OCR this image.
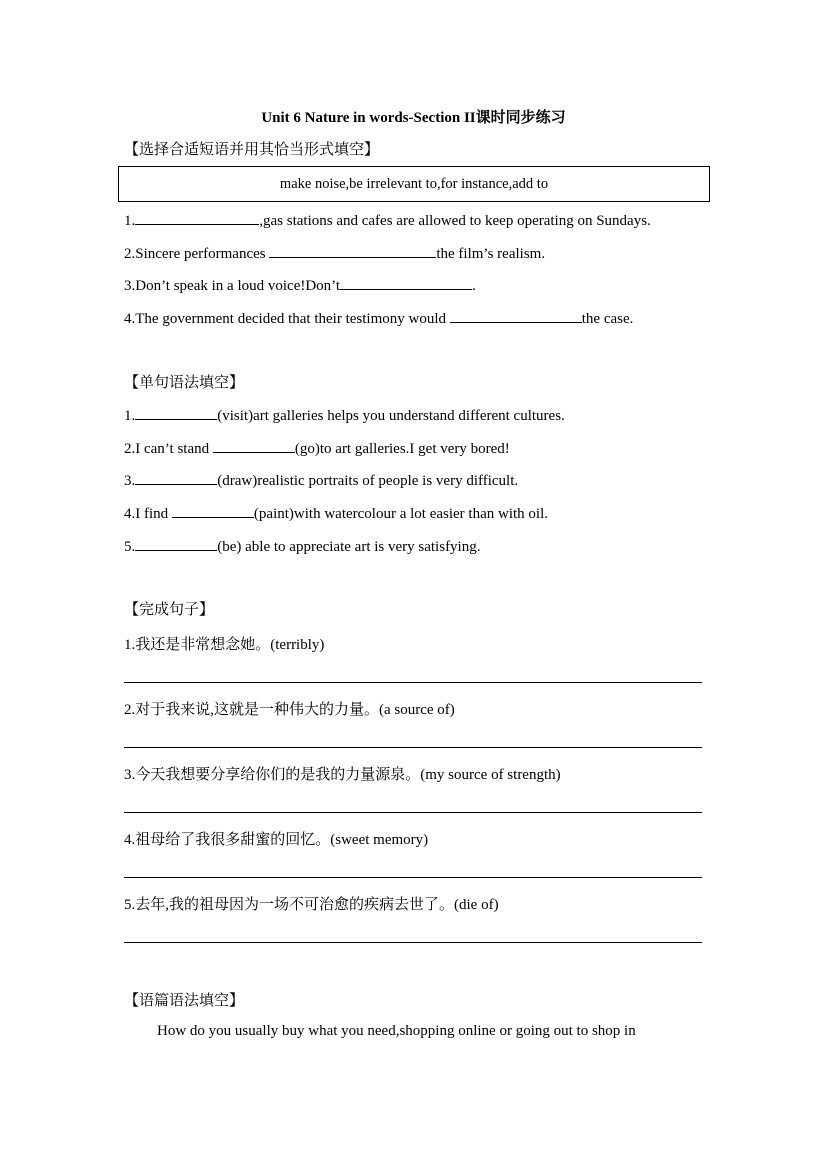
Unit 6 Nature in words-Section II课时同步练习
【选择合适短语并用其恰当形式填空】
make noise,be irrelevant to,for instance,add to
1.	,gas stations and cafes are allowed to keep operating on Sundays.
2.Sincere performances	the film’s realism.
3.Don’t speak in a loud voice!Don’t	.
4.The government decided that their testimony would	the case.
【单句语法填空】
1.	(visit)art galleries helps you understand different cultures.
2.I can’t stand	(go)to art galleries.I get very bored!
3.	(draw)realistic portraits of people is very difficult.
4.I find	(paint)with watercolour a lot easier than with oil.
5.	(be) able to appreciate art is very satisfying.
【完成句子】
1.我还是非常想念她。(terribly)
2.对于我来说,这就是一种伟大的力量。(a source of)
3.今天我想要分享给你们的是我的力量源泉。(my source of strength)
4.祖母给了我很多甜蜜的回忆。(sweet memory)
5.去年,我的祖母因为一场不可治愈的疾病去世了。(die of)
【语篇语法填空】
How do you usually buy what you need,shopping online or going out to shop in
